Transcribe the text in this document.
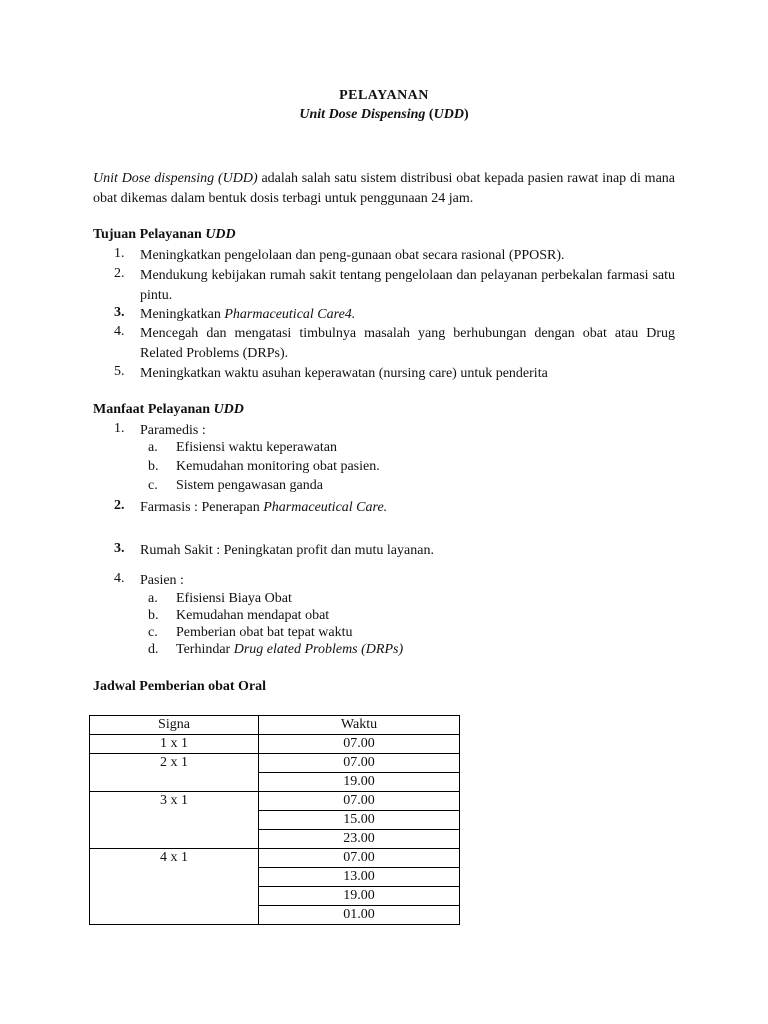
PELAYANAN
Unit Dose Dispensing (UDD)
Unit Dose dispensing (UDD) adalah salah satu sistem distribusi obat kepada pasien rawat inap di mana obat dikemas dalam bentuk dosis terbagi untuk penggunaan 24 jam.
Tujuan Pelayanan UDD
1.	Meningkatkan pengelolaan dan peng-gunaan obat secara rasional (PPOSR).
2.	Mendukung kebijakan rumah sakit tentang pengelolaan dan pelayanan perbekalan farmasi satu pintu.
3.	Meningkatkan Pharmaceutical Care4.
4.	Mencegah dan mengatasi timbulnya masalah yang berhubungan dengan obat atau Drug Related Problems (DRPs).
5.	Meningkatkan waktu asuhan keperawatan (nursing care) untuk penderita
Manfaat Pelayanan UDD
1.	Paramedis :
a. Efisiensi waktu keperawatan
b. Kemudahan monitoring obat pasien.
c. Sistem pengawasan ganda
2.	Farmasis : Penerapan Pharmaceutical Care.
3.	Rumah Sakit : Peningkatan profit dan mutu layanan.
4.	Pasien :
a. Efisiensi Biaya Obat
b. Kemudahan mendapat obat
c. Pemberian obat bat tepat waktu
d. Terhindar Drug elated Problems (DRPs)
Jadwal Pemberian obat Oral
Signa	Waktu
1 x 1	07.00
2 x 1	07.00
	19.00
3 x 1	07.00
	15.00
	23.00
4 x 1	07.00
	13.00
	19.00
	01.00
